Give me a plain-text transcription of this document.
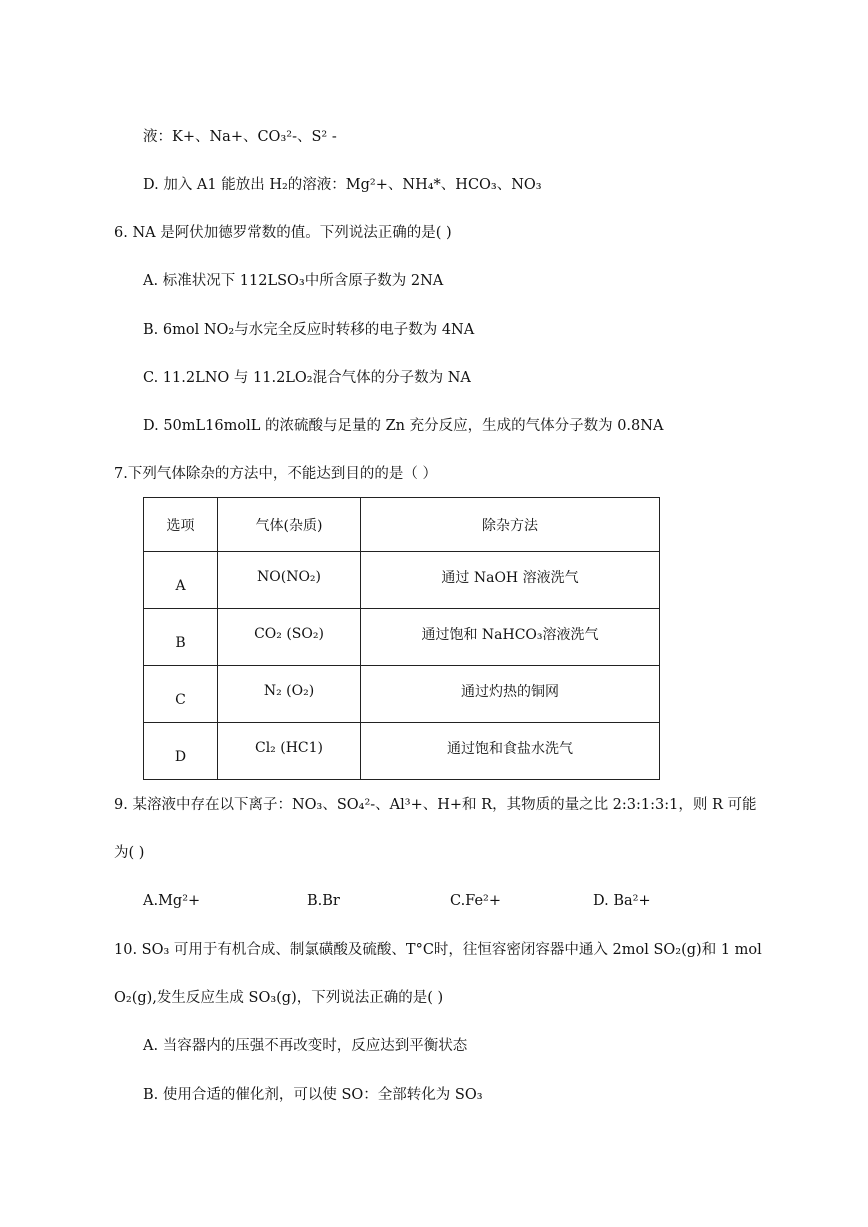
液：K+、Na+、CO₃²-、S² -
D. 加入 A1 能放出 H₂的溶液：Mg²+、NH₄*、HCO₃、NO₃
6. NA 是阿伏加德罗常数的值。下列说法正确的是( )
A. 标准状况下 112LSO₃中所含原子数为 2NA
B. 6mol NO₂与水完全反应时转移的电子数为 4NA
C. 11.2LNO 与 11.2LO₂混合气体的分子数为 NA
D. 50mL16molL 的浓硫酸与足量的 Zn 充分反应，生成的气体分子数为 0.8NA
7.下列气体除杂的方法中，不能达到目的的是（ ）
选项	气体(杂质)	除杂方法
A	NO(NO₂)	通过 NaOH 溶液洗气
B	CO₂ (SO₂)	通过饱和 NaHCO₃溶液洗气
C	N₂ (O₂)	通过灼热的铜网
D	Cl₂ (HC1)	通过饱和食盐水洗气
9. 某溶液中存在以下离子：NO₃、SO₄²-、Al³+、H+和 R，其物质的量之比 2:3:1:3:1，则 R 可能
为( )
A.Mg²+	B.Br	C.Fe²+	D. Ba²+
10. SO₃ 可用于有机合成、制氯磺酸及硫酸、T°C时，往恒容密闭容器中通入 2mol SO₂(g)和 1 mol
O₂(g),发生反应生成 SO₃(g)，下列说法正确的是( )
A. 当容器内的压强不再改变时，反应达到平衡状态
B. 使用合适的催化剂，可以使 SO：全部转化为 SO₃
